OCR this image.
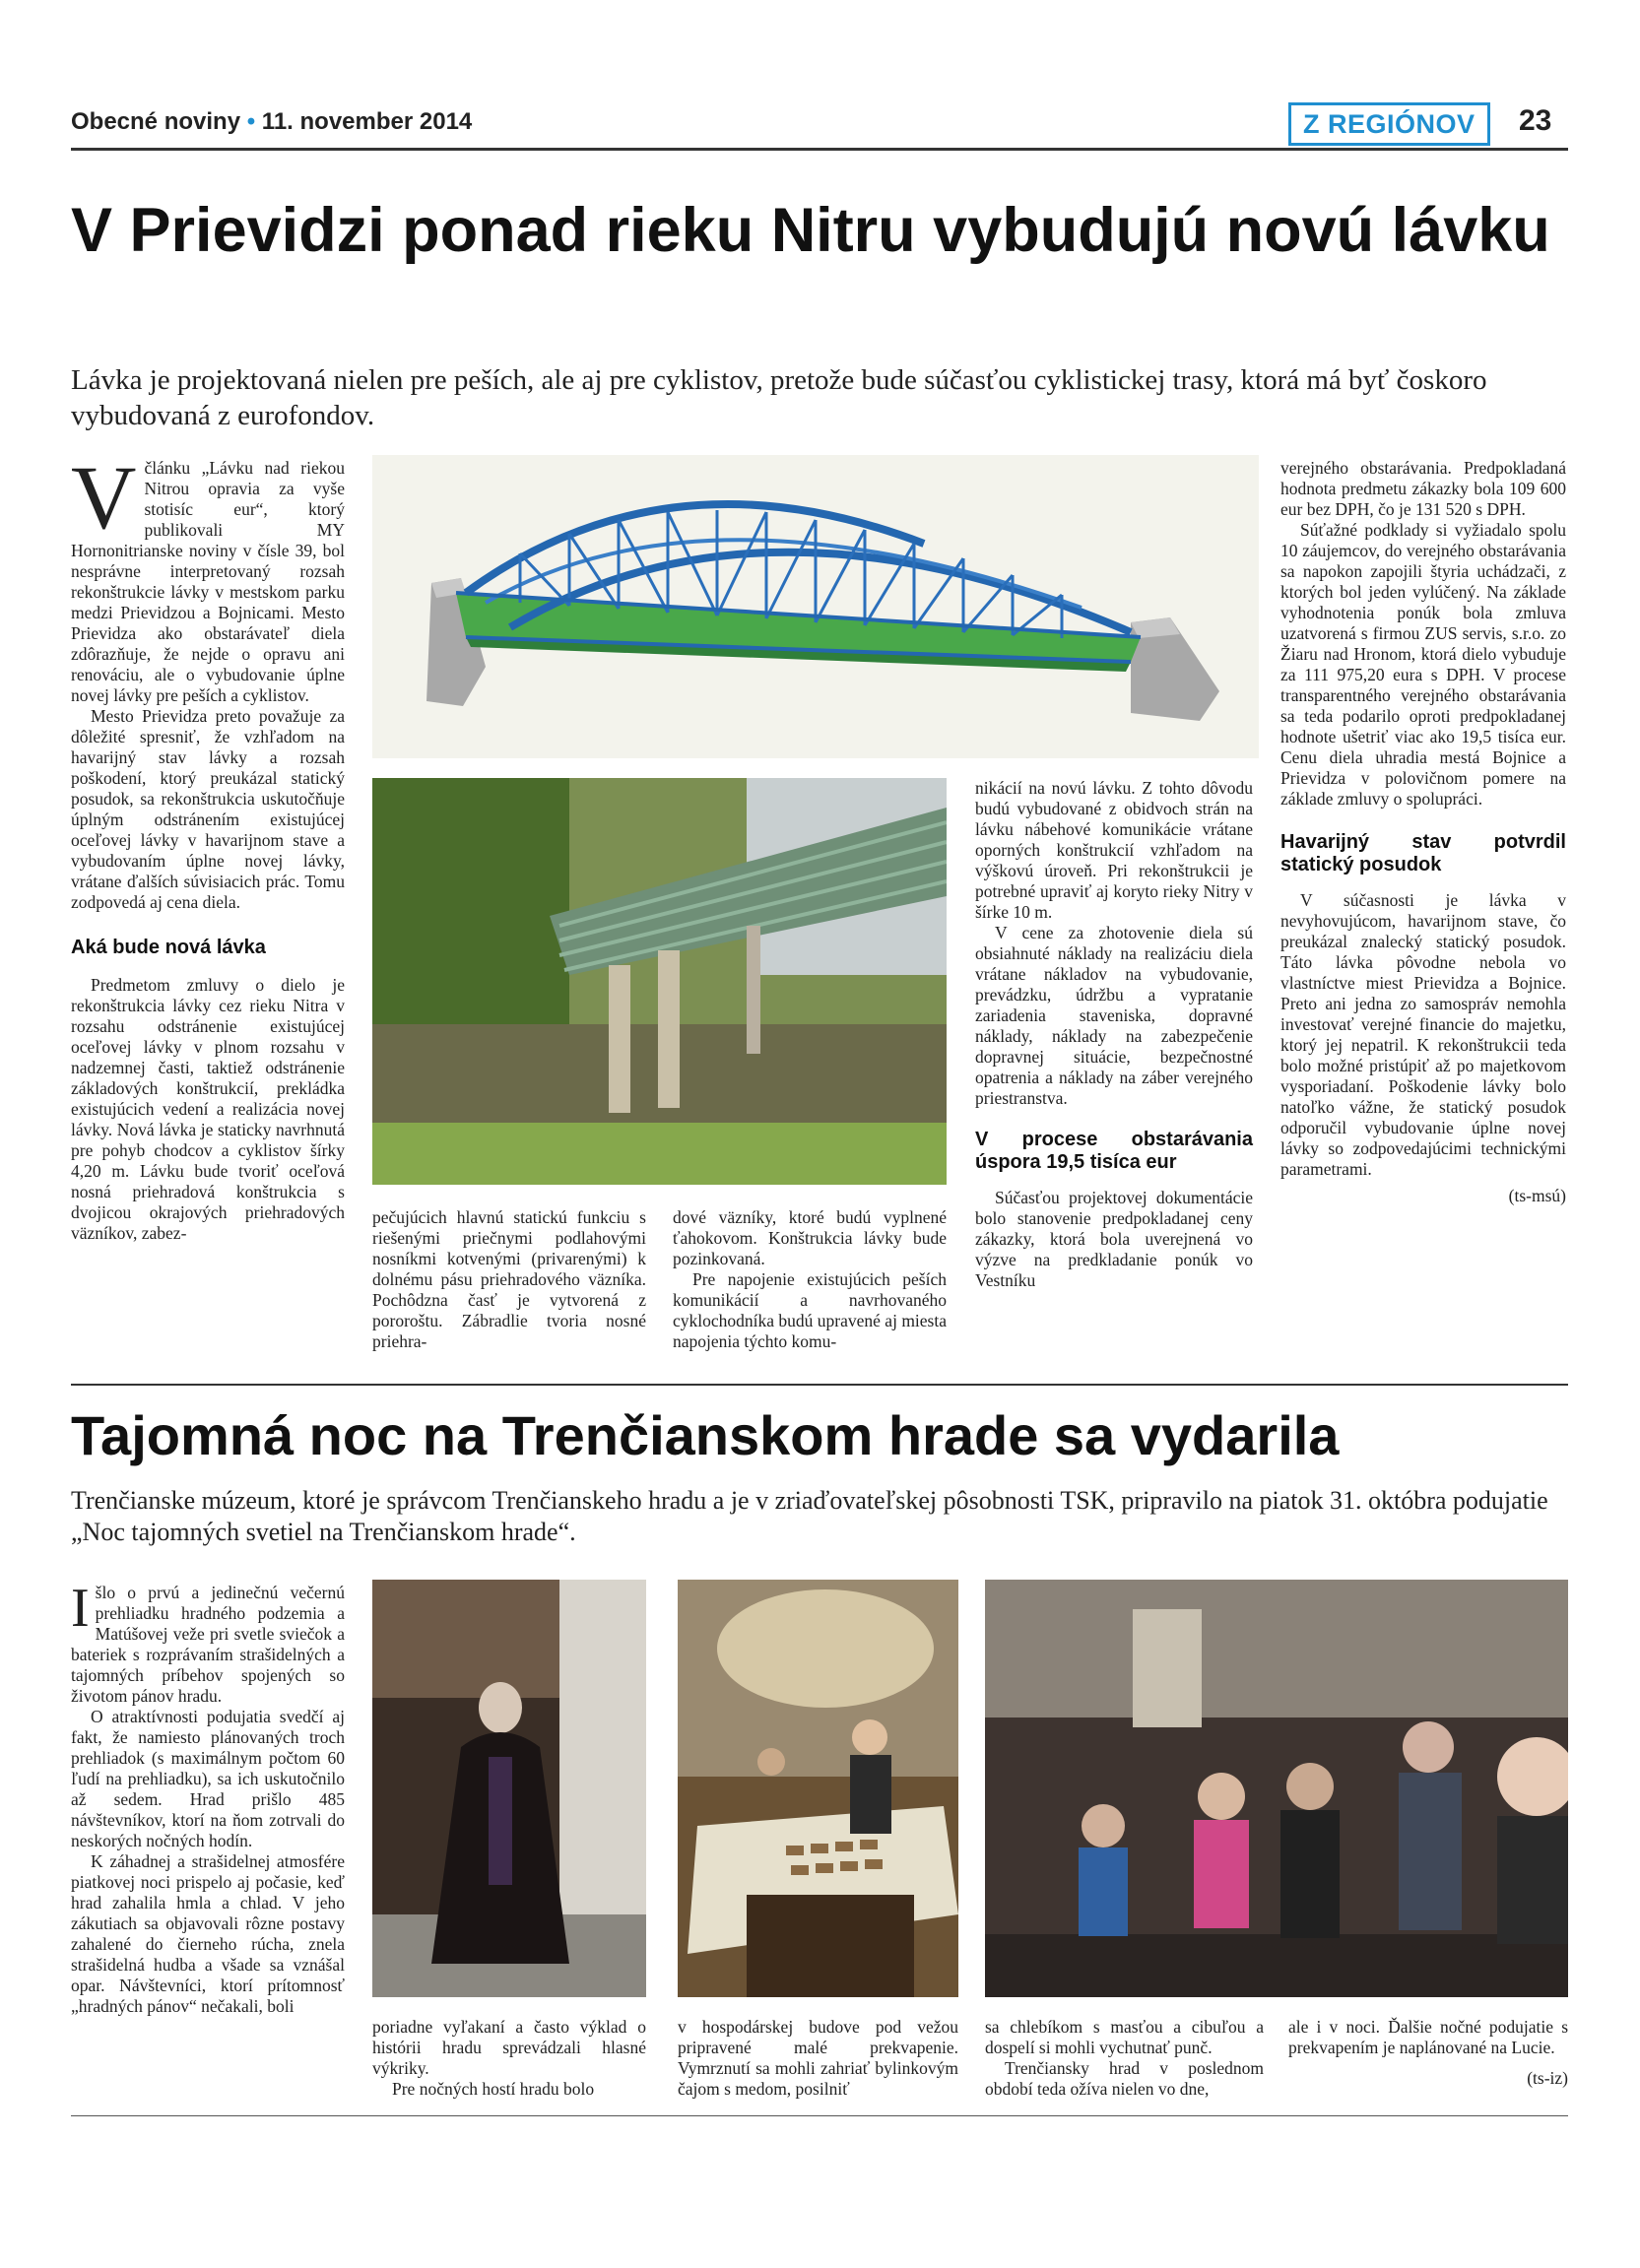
Obecné noviny • 11. november 2014	Z REGIÓNOV	23
V Prievidzi ponad rieku Nitru vybudujú novú lávku
Lávka je projektovaná nielen pre peších, ale aj pre cyklistov, pretože bude súčasťou cyklistickej trasy, ktorá má byť čoskoro vybudovaná z eurofondov.

Včlánku „Lávku nad riekou Nitrou opravia za vyše stotisíc eur“, ktorý publikovali MY Hornonitrianske noviny v čísle 39, bol nesprávne interpretovaný rozsah rekonštrukcie lávky v mestskom parku medzi Prievidzou a Bojnicami. Mesto Prievidza ako obstarávateľ diela zdôrazňuje, že nejde o opravu ani renováciu, ale o vybudovanie úplne novej lávky pre peších a cyklistov.

Mesto Prievidza preto považuje za dôležité spresniť, že vzhľadom na havarijný stav lávky a rozsah poškodení, ktorý preukázal statický posudok, sa rekonštrukcia uskutočňuje úplným odstránením existujúcej oceľovej lávky v havarijnom stave a vybudovaním úplne novej lávky, vrátane ďalších súvisiacich prác. Tomu zodpovedá aj cena diela.

Aká bude nová lávka

Predmetom zmluvy o dielo je rekonštrukcia lávky cez rieku Nitra v rozsahu odstránenie existujúcej oceľovej lávky v plnom rozsahu v nadzemnej časti, taktiež odstránenie základových konštrukcií, prekládka existujúcich vedení a realizácia novej lávky. Nová lávka je staticky navrhnutá pre pohyb chodcov a cyklistov šírky 4,20 m. Lávku bude tvoriť oceľová nosná priehradová konštrukcia s dvojicou okrajových priehradových väzníkov, zabez-

pečujúcich hlavnú statickú funkciu s riešenými priečnymi podlahovými nosníkmi kotvenými (privarenými) k dolnému pásu priehradového väzníka. Pochôdzna časť je vytvorená z pororoštu. Zábradlie tvoria nosné priehra-

dové väzníky, ktoré budú vyplnené ťahokovom. Konštrukcia lávky bude pozinkovaná.

Pre napojenie existujúcich peších komunikácií a navrhovaného cyklochodníka budú upravené aj miesta napojenia týchto komu-

nikácií na novú lávku. Z tohto dôvodu budú vybudované z obidvoch strán na lávku nábehové komunikácie vrátane oporných konštrukcií vzhľadom na výškovú úroveň. Pri rekonštrukcii je potrebné upraviť aj koryto rieky Nitry v šírke 10 m.

V cene za zhotovenie diela sú obsiahnuté náklady na realizáciu diela vrátane nákladov na vybudovanie, prevádzku, údržbu a vypratanie zariadenia staveniska, dopravné náklady, náklady na zabezpečenie dopravnej situácie, bezpečnostné opatrenia a náklady na záber verejného priestranstva.

V procese obstarávania úspora 19,5 tisíca eur

Súčasťou projektovej dokumentácie bolo stanovenie predpokladanej ceny zákazky, ktorá bola uverejnená vo výzve na predkladanie ponúk vo Vestníku

verejného obstarávania. Predpokladaná hodnota predmetu zákazky bola 109 600 eur bez DPH, čo je 131 520 s DPH.

Súťažné podklady si vyžiadalo spolu 10 záujemcov, do verejného obstarávania sa napokon zapojili štyria uchádzači, z ktorých bol jeden vylúčený. Na základe vyhodnotenia ponúk bola zmluva uzatvorená s firmou ZUS servis, s.r.o. zo Žiaru nad Hronom, ktorá dielo vybuduje za 111 975,20 eura s DPH. V procese transparentného verejného obstarávania sa teda podarilo oproti predpokladanej hodnote ušetriť viac ako 19,5 tisíca eur. Cenu diela uhradia mestá Bojnice a Prievidza v polovičnom pomere na základe zmluvy o spolupráci.

Havarijný stav potvrdil statický posudok

V súčasnosti je lávka v nevyhovujúcom, havarijnom stave, čo preukázal znalecký statický posudok. Táto lávka pôvodne nebola vo vlastníctve miest Prievidza a Bojnice. Preto ani jedna zo samospráv nemohla investovať verejné financie do majetku, ktorý jej nepatril. K rekonštrukcii teda bolo možné pristúpiť až po majetkovom vysporiadaní. Poškodenie lávky bolo natoľko vážne, že statický posudok odporučil vybudovanie úplne novej lávky so zodpovedajúcimi technickými parametrami.

(ts-msú)
Tajomná noc na Trenčianskom hrade sa vydarila
Trenčianske múzeum, ktoré je správcom Trenčianskeho hradu a je v zriaďovateľskej pôsobnosti TSK, pripravilo na piatok 31. októbra podujatie „Noc tajomných svetiel na Trenčianskom hrade“.

Išlo o prvú a jedinečnú večernú prehliadku hradného podzemia a Matúšovej veže pri svetle sviečok a bateriek s rozprávaním strašidelných a tajomných príbehov spojených so životom pánov hradu.

O atraktívnosti podujatia svedčí aj fakt, že namiesto plánovaných troch prehliadok (s maximálnym počtom 60 ľudí na prehliadku), sa ich uskutočnilo až sedem. Hrad prišlo 485 návštevníkov, ktorí na ňom zotrvali do neskorých nočných hodín.

K záhadnej a strašidelnej atmosfére piatkovej noci prispelo aj počasie, keď hrad zahalila hmla a chlad. V jeho zákutiach sa objavovali rôzne postavy zahalené do čierneho rúcha, znela strašidelná hudba a všade sa vznášal opar. Návštevníci, ktorí prítomnosť „hradných pánov“ nečakali, boli

poriadne vyľakaní a často výklad o histórii hradu sprevádzali hlasné výkriky.

Pre nočných hostí hradu bolo

v hospodárskej budove pod vežou pripravené malé prekvapenie. Vymrznutí sa mohli zahriať bylinkovým čajom s medom, posilniť

sa chlebíkom s masťou a cibuľou a dospelí si mohli vychutnať punč.

Trenčiansky hrad v poslednom období teda ožíva nielen vo dne,

ale i v noci. Ďalšie nočné podujatie s prekvapením je naplánované na Lucie.

(ts-iz)
